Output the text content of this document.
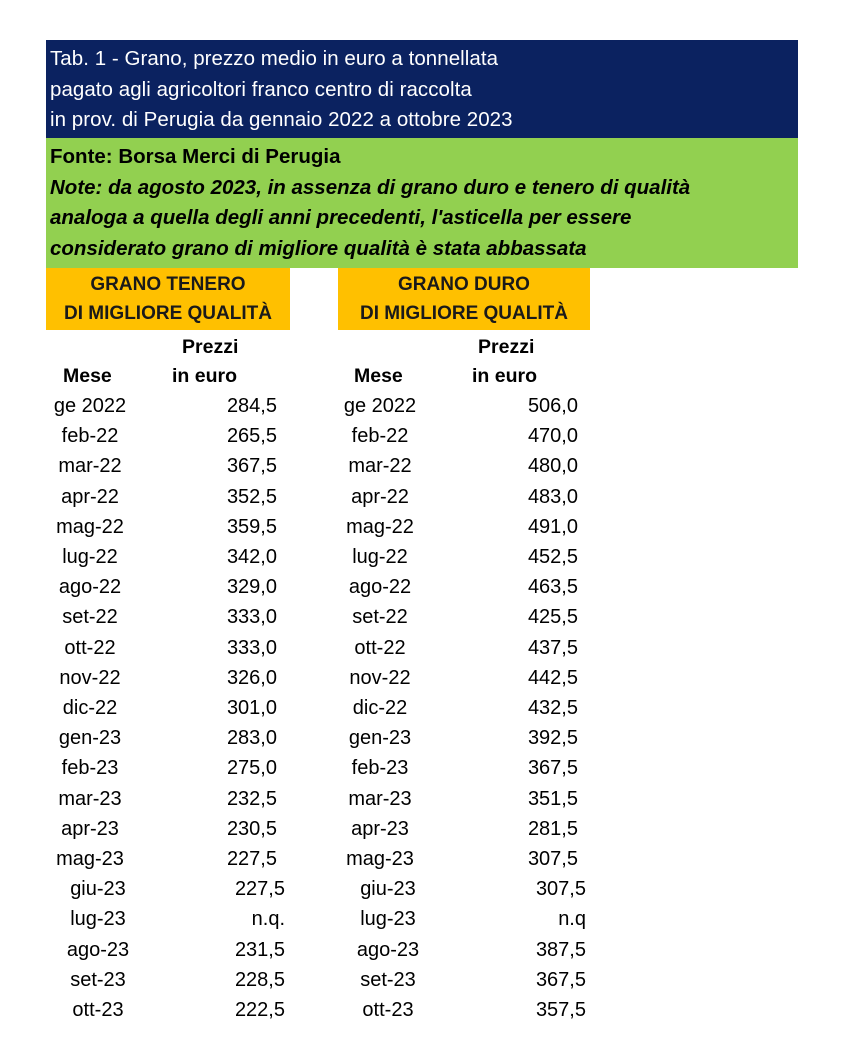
Tab. 1 - Grano, prezzo medio in euro a tonnellata
pagato agli agricoltori franco centro di raccolta
in prov. di Perugia da gennaio 2022 a ottobre 2023
Fonte: Borsa Merci di Perugia
Note: da agosto 2023, in assenza di grano duro e tenero di qualità
analoga a quella degli anni precedenti, l'asticella per essere
considerato grano di migliore qualità è stata abbassata
GRANO TENERO
DI MIGLIORE QUALITÀ
GRANO DURO
DI MIGLIORE QUALITÀ
Prezzi
in euro
Mese
Prezzi
in euro
Mese
ge 2022	284,5
feb-22	265,5
mar-22	367,5
apr-22	352,5
mag-22	359,5
lug-22	342,0
ago-22	329,0
set-22	333,0
ott-22	333,0
nov-22	326,0
dic-22	301,0
gen-23	283,0
feb-23	275,0
mar-23	232,5
apr-23	230,5
mag-23	227,5
giu-23	227,5
lug-23	n.q.
ago-23	231,5
set-23	228,5
ott-23	222,5
ge 2022	506,0
feb-22	470,0
mar-22	480,0
apr-22	483,0
mag-22	491,0
lug-22	452,5
ago-22	463,5
set-22	425,5
ott-22	437,5
nov-22	442,5
dic-22	432,5
gen-23	392,5
feb-23	367,5
mar-23	351,5
apr-23	281,5
mag-23	307,5
giu-23	307,5
lug-23	n.q
ago-23	387,5
set-23	367,5
ott-23	357,5
